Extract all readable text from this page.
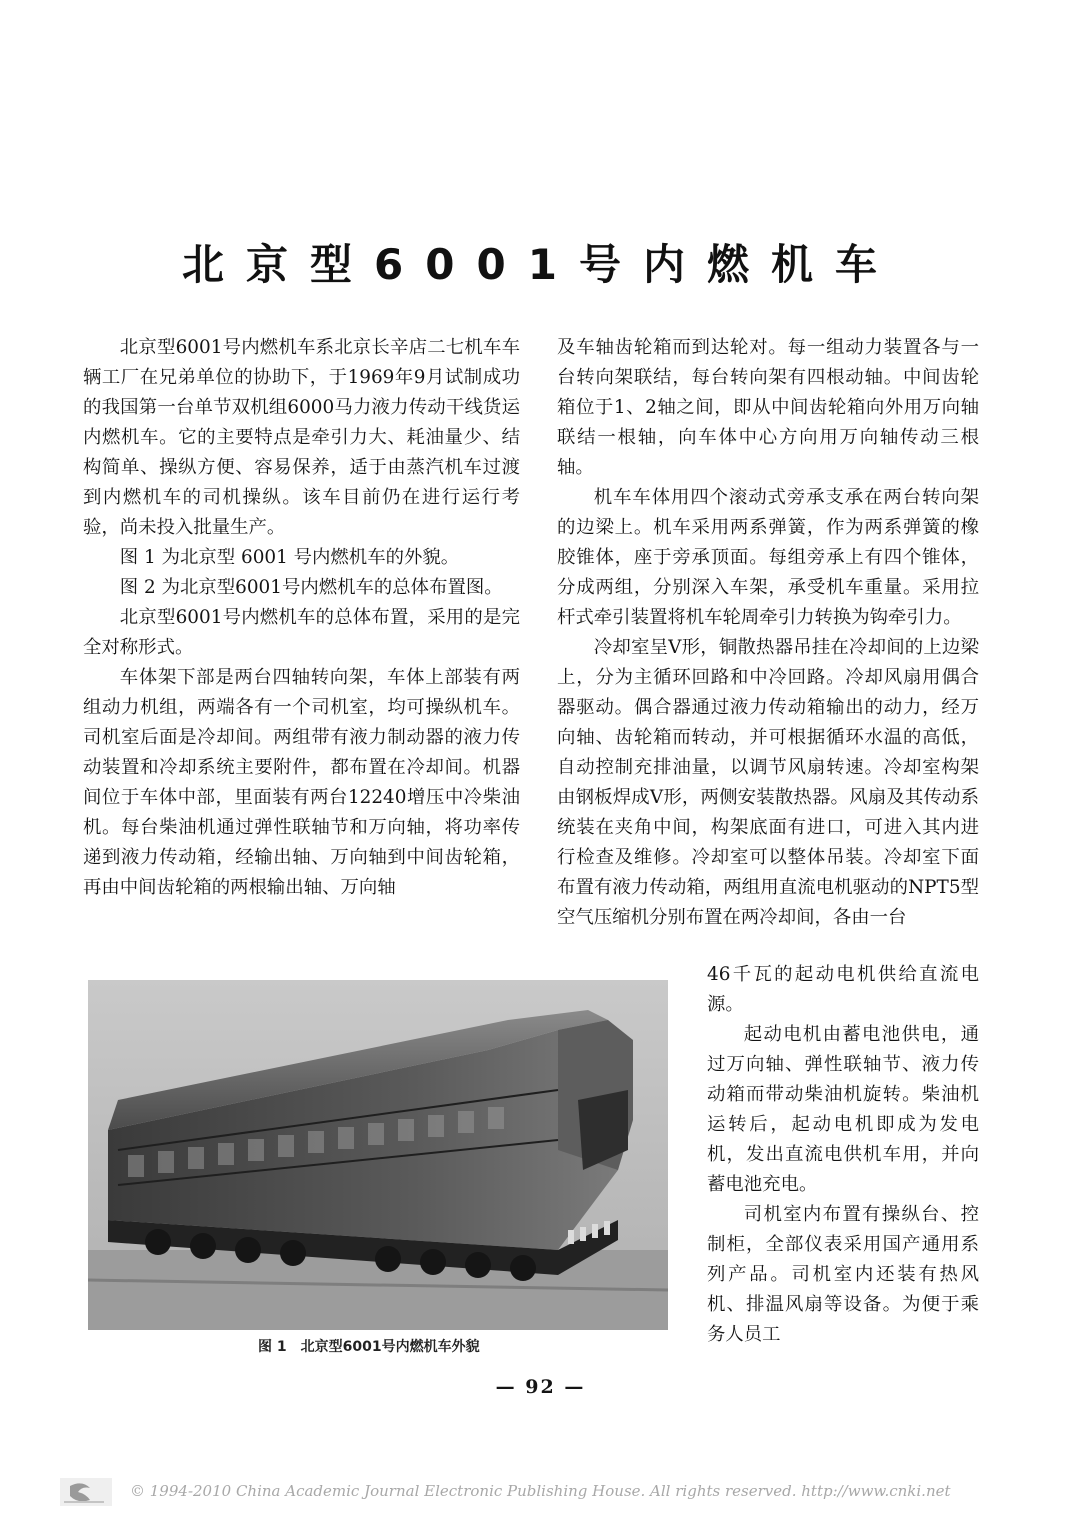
北京型6001号内燃机车

北京型6001号内燃机车系北京长辛店二七机车车辆工厂在兄弟单位的协助下，于1969年9月试制成功的我国第一台单节双机组6000马力液力传动干线货运内燃机车。它的主要特点是牵引力大、耗油量少、结构简单、操纵方便、容易保养，适于由蒸汽机车过渡到内燃机车的司机操纵。该车目前仍在进行运行考验，尚未投入批量生产。

图 1 为北京型 6001 号内燃机车的外貌。

图 2 为北京型6001号内燃机车的总体布置图。

北京型6001号内燃机车的总体布置，采用的是完全对称形式。

车体架下部是两台四轴转向架，车体上部装有两组动力机组，两端各有一个司机室，均可操纵机车。司机室后面是冷却间。两组带有液力制动器的液力传动装置和冷却系统主要附件，都布置在冷却间。机器间位于车体中部，里面装有两台12240增压中冷柴油机。每台柴油机通过弹性联轴节和万向轴，将功率传递到液力传动箱，经输出轴、万向轴到中间齿轮箱，再由中间齿轮箱的两根输出轴、万向轴

及车轴齿轮箱而到达轮对。每一组动力装置各与一台转向架联结，每台转向架有四根动轴。中间齿轮箱位于1、2轴之间，即从中间齿轮箱向外用万向轴联结一根轴，向车体中心方向用万向轴传动三根轴。

机车车体用四个滚动式旁承支承在两台转向架的边梁上。机车采用两系弹簧，作为两系弹簧的橡胶锥体，座于旁承顶面。每组旁承上有四个锥体，分成两组，分别深入车架，承受机车重量。采用拉杆式牵引装置将机车轮周牵引力转换为钩牵引力。

冷却室呈V形，铜散热器吊挂在冷却间的上边梁上，分为主循环回路和中冷回路。冷却风扇用偶合器驱动。偶合器通过液力传动箱输出的动力，经万向轴、齿轮箱而转动，并可根据循环水温的高低，自动控制充排油量，以调节风扇转速。冷却室构架由钢板焊成V形，两侧安装散热器。风扇及其传动系统装在夹角中间，构架底面有进口，可进入其内进行检查及维修。冷却室可以整体吊装。冷却室下面布置有液力传动箱，两组用直流电机驱动的NPT5型空气压缩机分别布置在两冷却间，各由一台

46千瓦的起动电机供给直流电源。

起动电机由蓄电池供电，通过万向轴、弹性联轴节、液力传动箱而带动柴油机旋转。柴油机运转后，起动电机即成为发电机，发出直流电供机车用，并向蓄电池充电。

司机室内布置有操纵台、控制柜，全部仪表采用国产通用系列产品。司机室内还装有热风机、排温风扇等设备。为便于乘务人员工

图 1　北京型6001号内燃机车外貌
— 92 —
© 1994-2010 China Academic Journal Electronic Publishing House. All rights reserved. http://www.cnki.net
